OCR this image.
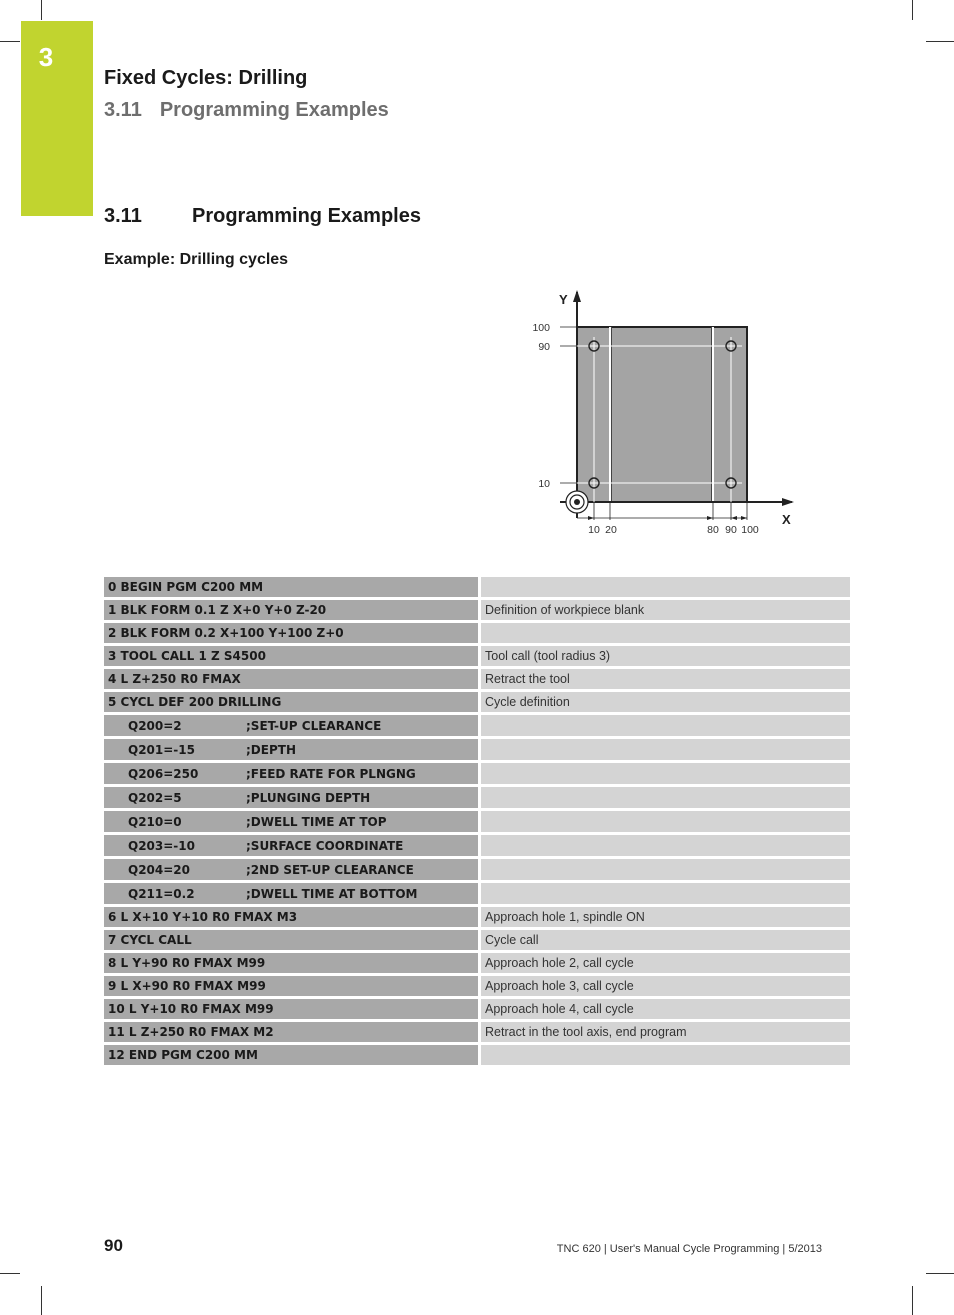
3
Fixed Cycles: Drilling
3.11 Programming Examples
3.11	Programming Examples
Example: Drilling cycles
Y
X
100
90
10
10 20	80 90 100
0 BEGIN PGM C200 MM	
1 BLK FORM 0.1 Z X+0 Y+0 Z-20	Definition of workpiece blank
2 BLK FORM 0.2 X+100 Y+100 Z+0	
3 TOOL CALL 1 Z S4500	Tool call (tool radius 3)
4 L Z+250 R0 FMAX	Retract the tool
5 CYCL DEF 200 DRILLING	Cycle definition
Q200=2 ;SET-UP CLEARANCE	
Q201=-15 ;DEPTH	
Q206=250 ;FEED RATE FOR PLNGNG	
Q202=5 ;PLUNGING DEPTH	
Q210=0 ;DWELL TIME AT TOP	
Q203=-10 ;SURFACE COORDINATE	
Q204=20 ;2ND SET-UP CLEARANCE	
Q211=0.2 ;DWELL TIME AT BOTTOM	
6 L X+10 Y+10 R0 FMAX M3	Approach hole 1, spindle ON
7 CYCL CALL	Cycle call
8 L Y+90 R0 FMAX M99	Approach hole 2, call cycle
9 L X+90 R0 FMAX M99	Approach hole 3, call cycle
10 L Y+10 R0 FMAX M99	Approach hole 4, call cycle
11 L Z+250 R0 FMAX M2	Retract in the tool axis, end program
12 END PGM C200 MM	
90	TNC 620 | User's Manual Cycle Programming | 5/2013
